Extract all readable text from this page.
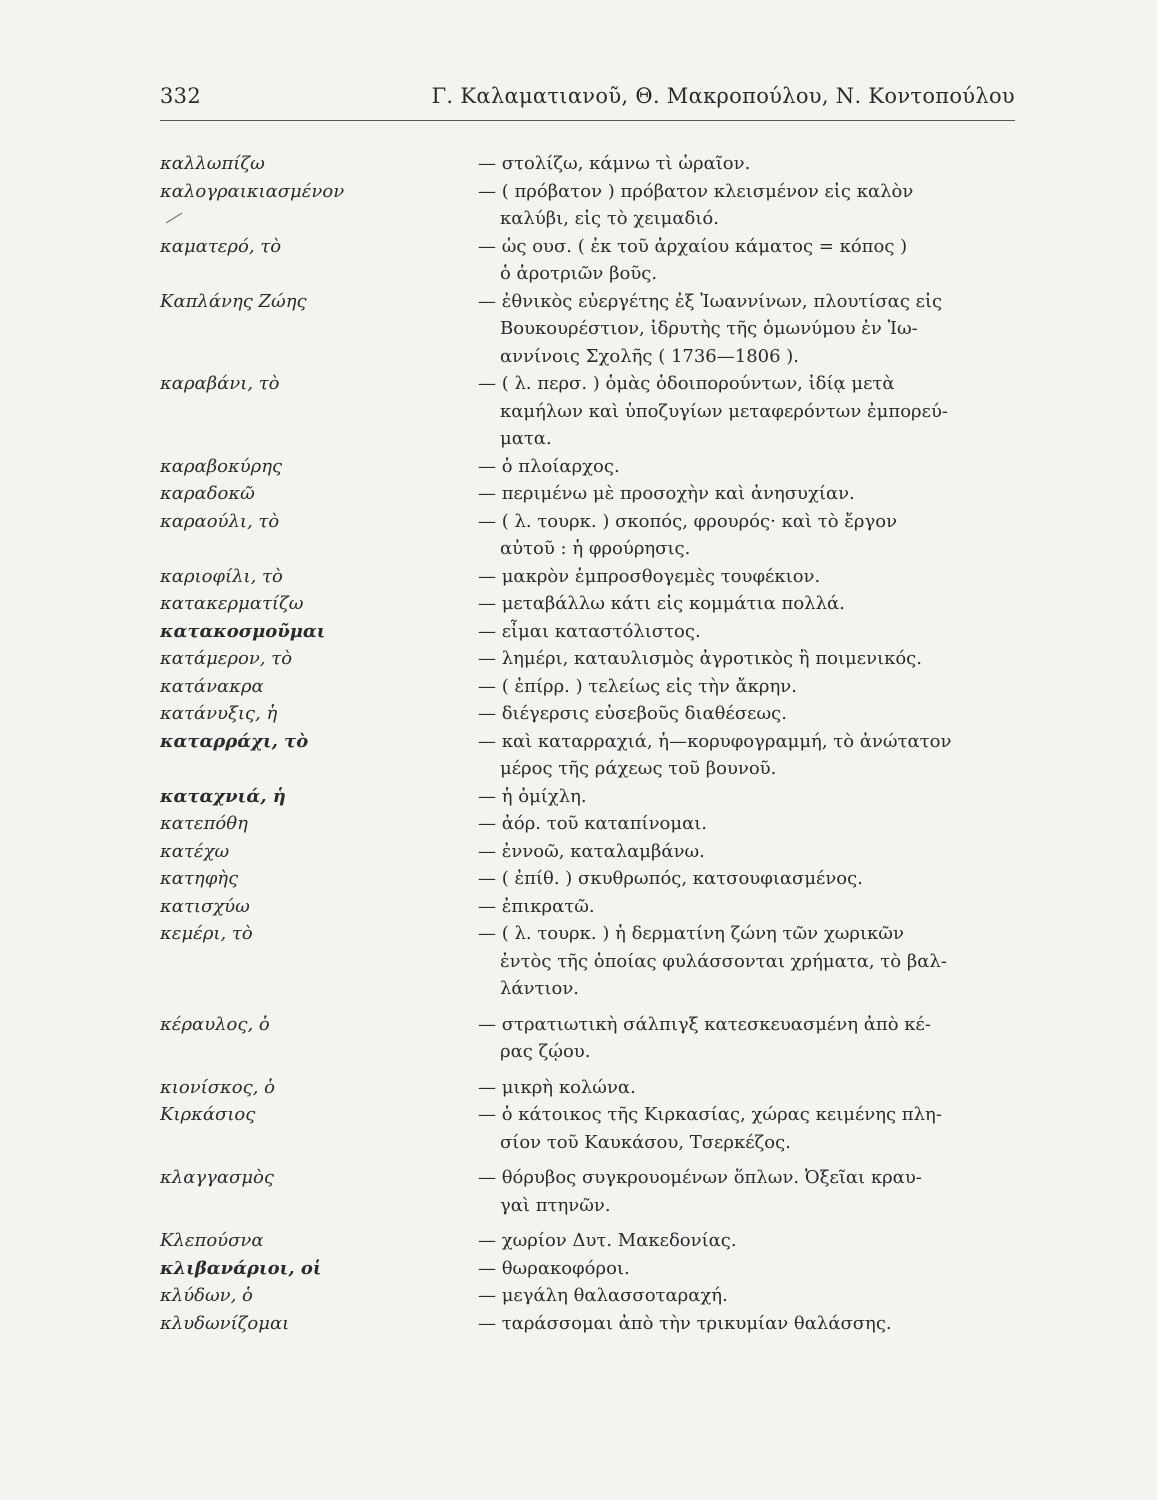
332	Γ. Καλαματιανοῦ, Θ. Μακροπούλου, Ν. Κοντοπούλου
καλλωπίζω	— στολίζω, κάμνω τὶ ὡραῖον.
καλογραικιασμένον	— ( πρόβατον ) πρόβατον κλεισμένον εἰς καλὸν
καλύβι, εἰς τὸ χειμαδιό.
καματερό, τὸ	— ὡς ουσ. ( ἐκ τοῦ ἀρχαίου κάματος = κόπος )
ὁ ἀροτριῶν βοῦς.
Καπλάνης Ζώης	— ἐθνικὸς εὐεργέτης ἐξ Ἰωαννίνων, πλουτίσας εἰς
Βουκουρέστιον, ἱδρυτὴς τῆς ὁμωνύμου ἐν Ἰω-
αννίνοις Σχολῆς ( 1736—1806 ).
καραβάνι, τὸ	— ( λ. περσ. ) ὁμὰς ὁδοιπορούντων, ἰδίᾳ μετὰ
καμήλων καὶ ὑποζυγίων μεταφερόντων ἐμπορεύ-
ματα.
καραβοκύρης	— ὁ πλοίαρχος.
καραδοκῶ	— περιμένω μὲ προσοχὴν καὶ ἀνησυχίαν.
καραούλι, τὸ	— ( λ. τουρκ. ) σκοπός, φρουρός· καὶ τὸ ἔργον
αὐτοῦ : ἡ φρούρησις.
καριοφίλι, τὸ	— μακρὸν ἐμπροσθογεμὲς τουφέκιον.
κατακερματίζω	— μεταβάλλω κάτι εἰς κομμάτια πολλά.
κατακοσμοῦμαι	— εἶμαι καταστόλιστος.
κατάμερον, τὸ	— λημέρι, καταυλισμὸς ἀγροτικὸς ἢ ποιμενικός.
κατάνακρα	— ( ἐπίρρ. ) τελείως εἰς τὴν ἄκρην.
κατάνυξις, ἡ	— διέγερσις εὐσεβοῦς διαθέσεως.
καταρράχι, τὸ	— καὶ καταρραχιά, ἡ—κορυφογραμμή, τὸ ἀνώτατον
μέρος τῆς ράχεως τοῦ βουνοῦ.
καταχνιά, ἡ	— ἡ ὁμίχλη.
κατεπόθη	— ἀόρ. τοῦ καταπίνομαι.
κατέχω	— ἐννοῶ, καταλαμβάνω.
κατηφὴς	— ( ἐπίθ. ) σκυθρωπός, κατσουφιασμένος.
κατισχύω	— ἐπικρατῶ.
κεμέρι, τὸ	— ( λ. τουρκ. ) ἡ δερματίνη ζώνη τῶν χωρικῶν
ἐντὸς τῆς ὁποίας φυλάσσονται χρήματα, τὸ βαλ-
λάντιον.
κέραυλος, ὁ	— στρατιωτικὴ σάλπιγξ κατεσκευασμένη ἀπὸ κέ-
ρας ζῴου.
κιονίσκος, ὁ	— μικρὴ κολώνα.
Κιρκάσιος	— ὁ κάτοικος τῆς Κιρκασίας, χώρας κειμένης πλη-
σίον τοῦ Καυκάσου, Τσερκέζος.
κλαγγασμὸς	— θόρυβος συγκρουομένων ὅπλων. Ὀξεῖαι κραυ-
γαὶ πτηνῶν.
Κλεπούσνα	— χωρίον Δυτ. Μακεδονίας.
κλιβανάριοι, οἱ	— θωρακοφόροι.
κλύδων, ὁ	— μεγάλη θαλασσοταραχή.
κλυδωνίζομαι	— ταράσσομαι ἀπὸ τὴν τρικυμίαν θαλάσσης.
